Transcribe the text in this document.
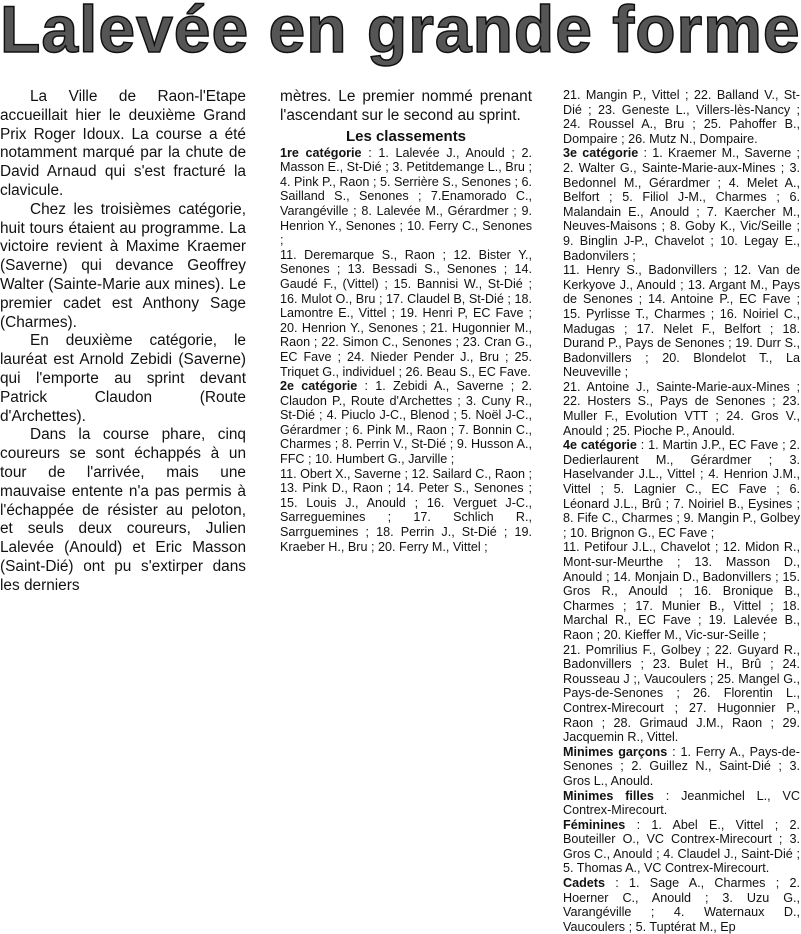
Lalevée en grande forme

La Ville de Raon-l'Etape accueillait hier le deuxième Grand Prix Roger Idoux. La course a été notamment marqué par la chute de David Arnaud qui s'est fracturé la clavicule.

Chez les troisièmes catégorie, huit tours étaient au programme. La victoire revient à Maxime Kraemer (Saverne) qui devance Geoffrey Walter (Sainte-Marie aux mines). Le premier cadet est Anthony Sage (Charmes).

En deuxième catégorie, le lauréat est Arnold Zebidi (Saverne) qui l'emporte au sprint devant Patrick Claudon (Route d'Archettes).

Dans la course phare, cinq coureurs se sont échappés à un tour de l'arrivée, mais une mauvaise entente n'a pas permis à l'échappée de résister au peloton, et seuls deux coureurs, Julien Lalevée (Anould) et Eric Masson (Saint-Dié) ont pu s'extirper dans les derniers

mètres. Le premier nommé prenant l'ascendant sur le second au sprint.

Les classements

1re catégorie : 1. Lalevée J., Anould ; 2. Masson E., St-Dié ; 3. Petitdemange L., Bru ; 4. Pink P., Raon ; 5. Serrière S., Senones ; 6. Sailland S., Senones ; 7.Enamorado C., Varangéville ; 8. Lalevée M., Gérardmer ; 9. Henrion Y., Senones ; 10. Ferry C., Senones ;

11. Deremarque S., Raon ; 12. Bister Y., Senones ; 13. Bessadi S., Senones ; 14. Gaudé F., (Vittel) ; 15. Bannisi W., St-Dié ; 16. Mulot O., Bru ; 17. Claudel B, St-Dié ; 18. Lamontre E., Vittel ; 19. Henri P, EC Fave ; 20. Henrion Y., Senones ; 21. Hugonnier M., Raon ; 22. Simon C., Senones ; 23. Cran G., EC Fave ; 24. Nieder Pender J., Bru ; 25. Triquet G., individuel ; 26. Beau S., EC Fave.

2e catégorie : 1. Zebidi A., Saverne ; 2. Claudon P., Route d'Archettes ; 3. Cuny R., St-Dié ; 4. Piuclo J-C., Blenod ; 5. Noël J-C., Gérardmer ; 6. Pink M., Raon ; 7. Bonnin C., Charmes ; 8. Perrin V., St-Dié ; 9. Husson A., FFC ; 10. Humbert G., Jarville ;

11. Obert X., Saverne ; 12. Sailard C., Raon ; 13. Pink D., Raon ; 14. Peter S., Senones ; 15. Louis J., Anould ; 16. Verguet J-C., Sarreguemines ; 17. Schlich R., Sarrguemines ; 18. Perrin J., St-Dié ; 19. Kraeber H., Bru ; 20. Ferry M., Vittel ;

21. Mangin P., Vittel ; 22. Balland V., St-Dié ; 23. Geneste L., Villers-lès-Nancy ; 24. Roussel A., Bru ; 25. Pahoffer B., Dompaire ; 26. Mutz N., Dompaire.

3e catégorie : 1. Kraemer M., Saverne ; 2. Walter G., Sainte-Marie-aux-Mines ; 3. Bedonnel M., Gérardmer ; 4. Melet A., Belfort ; 5. Filiol J-M., Charmes ; 6. Malandain E., Anould ; 7. Kaercher M., Neuves-Maisons ; 8. Goby K., Vic/Seille ; 9. Binglin J-P., Chavelot ; 10. Legay E., Badonvilers ;

11. Henry S., Badonvillers ; 12. Van de Kerkyove J., Anould ; 13. Argant M., Pays de Senones ; 14. Antoine P., EC Fave ; 15. Pyrlisse T., Charmes ; 16. Noiriel C., Madugas ; 17. Nelet F., Belfort ; 18. Durand P., Pays de Senones ; 19. Durr S., Badonvillers ; 20. Blondelot T., La Neuveville ;

21. Antoine J., Sainte-Marie-aux-Mines ; 22. Hosters S., Pays de Senones ; 23. Muller F., Evolution VTT ; 24. Gros V., Anould ; 25. Pioche P., Anould.

4e catégorie : 1. Martin J.P., EC Fave ; 2. Dedierlaurent M., Gérardmer ; 3. Haselvander J.L., Vittel ; 4. Henrion J.M., Vittel ; 5. Lagnier C., EC Fave ; 6. Léonard J.L., Brû ; 7. Noiriel B., Eysines ; 8. Fife C., Charmes ; 9. Mangin P., Golbey ; 10. Brignon G., EC Fave ;

11. Petifour J.L., Chavelot ; 12. Midon R., Mont-sur-Meurthe ; 13. Masson D., Anould ; 14. Monjain D., Badonvillers ; 15. Gros R., Anould ; 16. Bronique B., Charmes ; 17. Munier B., Vittel ; 18. Marchal R., EC Fave ; 19. Lalevée B., Raon ; 20. Kieffer M., Vic-sur-Seille ;

21. Pomrilius F., Golbey ; 22. Guyard R., Badonvillers ; 23. Bulet H., Brû ; 24. Rousseau J ;, Vaucoulers ; 25. Mangel G., Pays-de-Senones ; 26. Florentin L., Contrex-Mirecourt ; 27. Hugonnier P., Raon ; 28. Grimaud J.M., Raon ; 29. Jacquemin R., Vittel.

Minimes garçons : 1. Ferry A., Pays-de-Senones ; 2. Guillez N., Saint-Dié ; 3. Gros L., Anould.

Minimes filles : Jeanmichel L., VC Contrex-Mirecourt.

Féminines : 1. Abel E., Vittel ; 2. Bouteiller O., VC Contrex-Mirecourt ; 3. Gros C., Anould ; 4. Claudel J., Saint-Dié ; 5. Thomas A., VC Contrex-Mirecourt.

Cadets : 1. Sage A., Charmes ; 2. Hoerner C., Anould ; 3. Uzu G., Varangéville ; 4. Waternaux D., Vaucoulers ; 5. Tuptérat M., Ep
